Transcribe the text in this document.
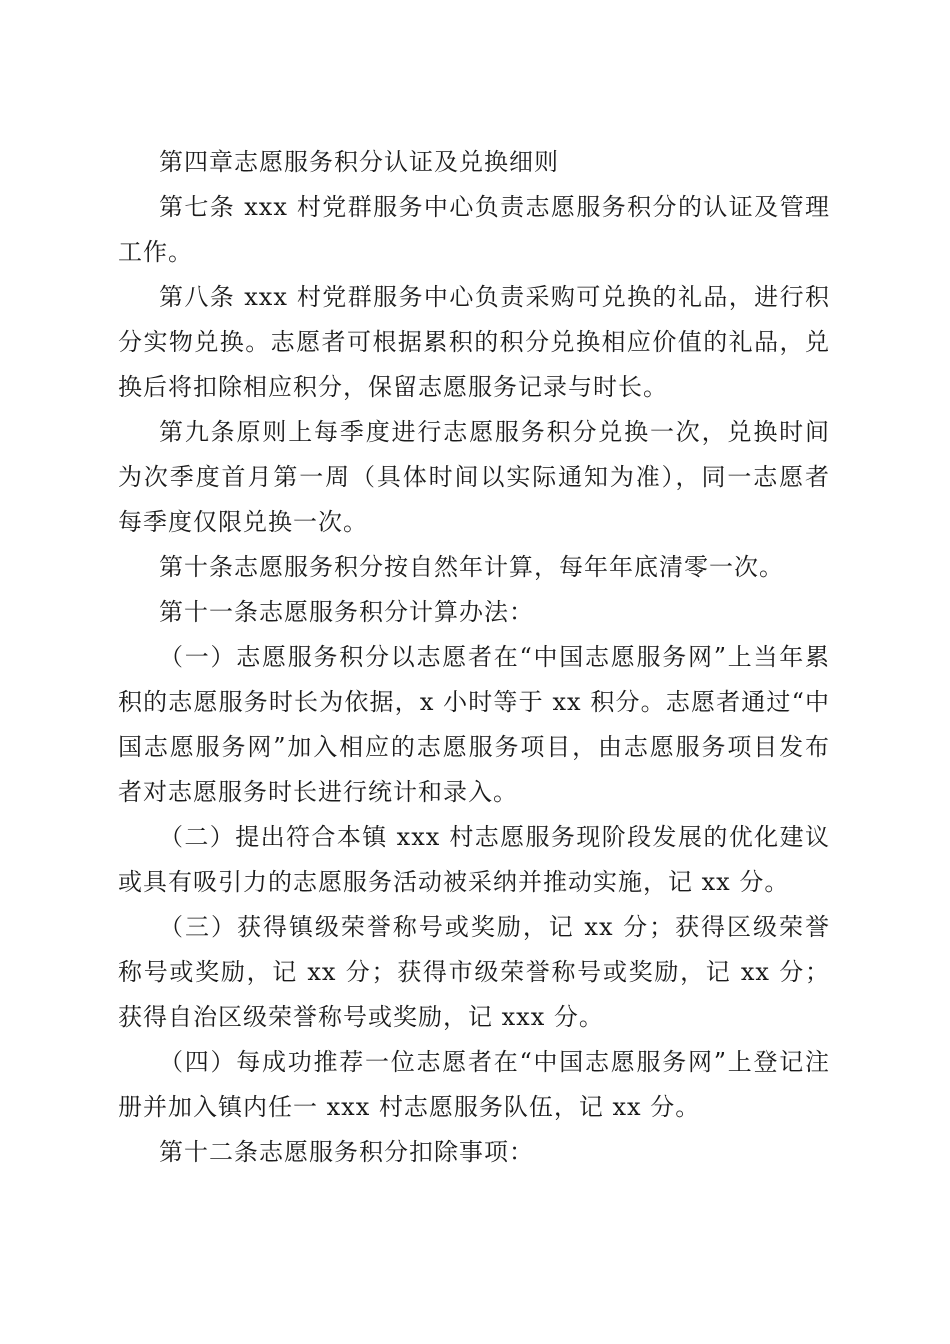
第四章志愿服务积分认证及兑换细则

第七条 xxx 村党群服务中心负责志愿服务积分的认证及管理工作。

第八条 xxx 村党群服务中心负责采购可兑换的礼品，进行积分实物兑换。志愿者可根据累积的积分兑换相应价值的礼品，兑换后将扣除相应积分，保留志愿服务记录与时长。

第九条原则上每季度进行志愿服务积分兑换一次，兑换时间为次季度首月第一周（具体时间以实际通知为准），同一志愿者每季度仅限兑换一次。

第十条志愿服务积分按自然年计算，每年年底清零一次。

第十一条志愿服务积分计算办法：

（一）志愿服务积分以志愿者在“中国志愿服务网”上当年累积的志愿服务时长为依据，x 小时等于 xx 积分。志愿者通过“中国志愿服务网”加入相应的志愿服务项目，由志愿服务项目发布者对志愿服务时长进行统计和录入。

（二）提出符合本镇 xxx 村志愿服务现阶段发展的优化建议或具有吸引力的志愿服务活动被采纳并推动实施，记 xx 分。

（三）获得镇级荣誉称号或奖励，记 xx 分；获得区级荣誉称号或奖励，记 xx 分；获得市级荣誉称号或奖励，记 xx 分；获得自治区级荣誉称号或奖励，记 xxx 分。

（四）每成功推荐一位志愿者在“中国志愿服务网”上登记注册并加入镇内任一 xxx 村志愿服务队伍，记 xx 分。

第十二条志愿服务积分扣除事项：
